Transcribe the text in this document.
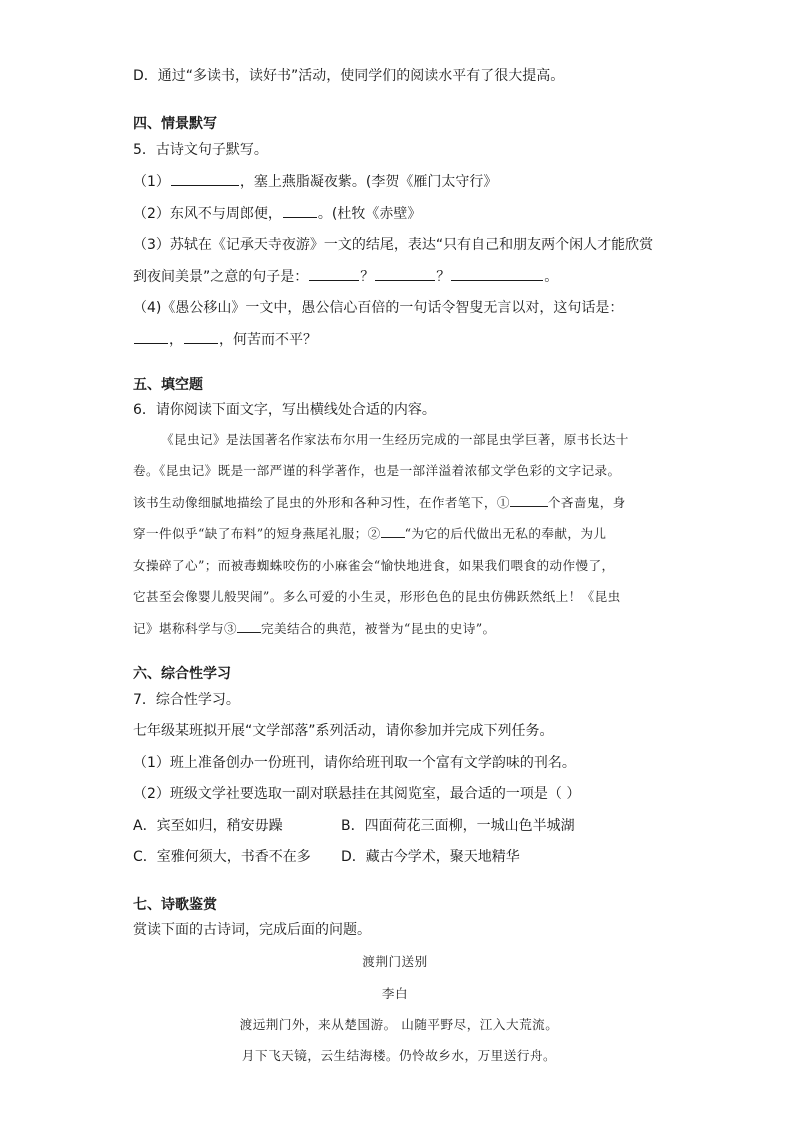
D．通过“多读书，读好书”活动，使同学们的阅读水平有了很大提高。
四、情景默写
5．古诗文句子默写。
（1）	，塞上燕脂凝夜紫。(李贺《雁门太守行》
（2）东风不与周郎便，	。(杜牧《赤壁》
（3）苏轼在《记承天寺夜游》一文的结尾，表达“只有自己和朋友两个闲人才能欣赏
到夜间美景”之意的句子是：	？	？	。
（4)《愚公移山》一文中，愚公信心百倍的一句话令智叟无言以对，这句话是：
，	，何苦而不平？
五、填空题
6．请你阅读下面文字，写出横线处合适的内容。
《昆虫记》是法国著名作家法布尔用一生经历完成的一部昆虫学巨著，原书长达十
卷。《昆虫记》既是一部严谨的科学著作，也是一部洋溢着浓郁文学色彩的文字记录。
该书生动像细腻地描绘了昆虫的外形和各种习性，在作者笔下，①	个吝啬鬼，身
穿一件似乎“缺了布料”的短身燕尾礼服；② “为它的后代做出无私的奉献，为儿
女操碎了心”；而被毒蜘蛛咬伤的小麻雀会“愉快地进食，如果我们喂食的动作慢了，
它甚至会像婴儿般哭闹”。多么可爱的小生灵，形形色色的昆虫仿佛跃然纸上！《昆虫
记》堪称科学与③ 完美结合的典范，被誉为“昆虫的史诗”。
六、综合性学习
7．综合性学习。
七年级某班拟开展“文学部落”系列活动，请你参加并完成下列任务。
（1）班上准备创办一份班刊，请你给班刊取一个富有文学韵味的刊名。
（2）班级文学社要选取一副对联悬挂在其阅览室，最合适的一项是（ ）
A．宾至如归，稍安毋躁	B．四面荷花三面柳，一城山色半城湖
C．室雅何须大，书香不在多 D．藏古今学术，聚天地精华
七、诗歌鉴赏
赏读下面的古诗词，完成后面的问题。
渡荆门送别
李白
渡远荆门外，来从楚国游。 山随平野尽，江入大荒流。
月下飞天镜，云生结海楼。仍怜故乡水，万里送行舟。
